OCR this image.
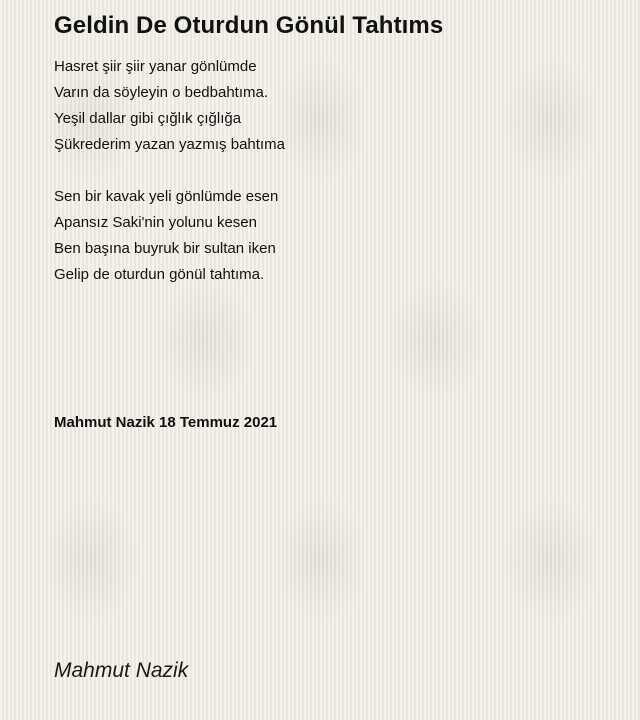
Geldin De Oturdun Gönül Tahtıms
Hasret şiir şiir yanar gönlümde
Varın da söyleyin o bedbahtıma.
Yeşil dallar gibi çığlık çığlığa
Şükrederim yazan yazmış bahtıma
Sen bir kavak yeli gönlümde esen
Apansız Saki'nin yolunu kesen
Ben başına buyruk bir sultan iken
Gelip de oturdun gönül tahtıma.
Mahmut Nazik 18 Temmuz 2021
Mahmut Nazik
